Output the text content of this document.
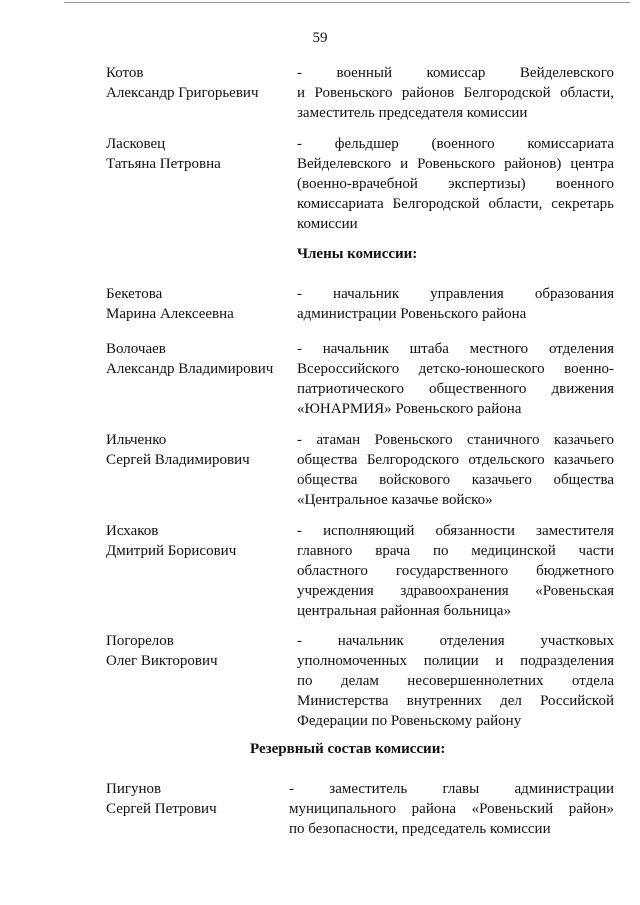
59
Котов
Александр Григорьевич
- военный комиссар Вейделевского
и Ровеньского районов Белгородской области,
заместитель председателя комиссии
Ласковец
Татьяна Петровна
- фельдшер (военного комиссариата
Вейделевского и Ровеньского районов) центра
(военно-врачебной экспертизы) военного
комиссариата Белгородской области, секретарь
комиссии
Члены комиссии:
Бекетова
Марина Алексеевна
- начальник управления образования
администрации Ровеньского района
Волочаев
Александр Владимирович
- начальник штаба местного отделения
Всероссийского детско-юношеского военно-
патриотического общественного движения
«ЮНАРМИЯ» Ровеньского района
Ильченко
Сергей Владимирович
- атаман Ровеньского станичного казачьего
общества Белгородского отдельского казачьего
общества войскового казачьего общества
«Центральное казачье войско»
Исхаков
Дмитрий Борисович
- исполняющий обязанности заместителя
главного врача по медицинской части
областного государственного бюджетного
учреждения здравоохранения «Ровеньская
центральная районная больница»
Погорелов
Олег Викторович
- начальник отделения участковых
уполномоченных полиции и подразделения
по делам несовершеннолетних отдела
Министерства внутренних дел Российской
Федерации по Ровеньскому району
Резервный состав комиссии:
Пигунов
Сергей Петрович
- заместитель главы администрации
муниципального района «Ровеньский район»
по безопасности, председатель комиссии
